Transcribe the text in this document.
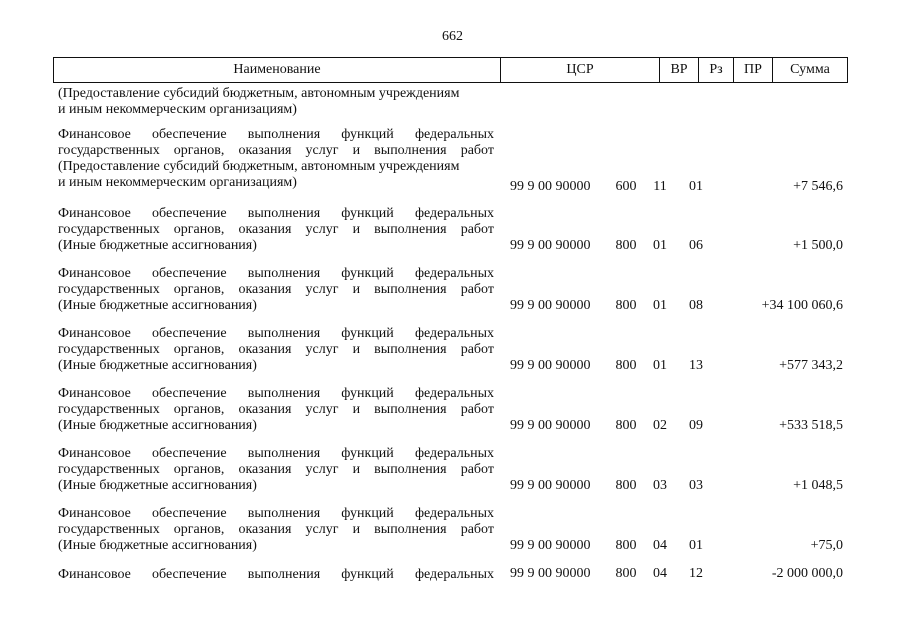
662
Наименование	ЦСР	ВР	Рз	ПР	Сумма
(Предоставление субсидий бюджетным, автономным учреждениям
и иным некоммерческим организациям)
Финансовое обеспечение выполнения функций федеральных
государственных органов, оказания услуг и выполнения работ
(Предоставление субсидий бюджетным, автономным учреждениям
и иным некоммерческим организациям)	99 9 00 90000	600	11	01	+7 546,6
Финансовое обеспечение выполнения функций федеральных
государственных органов, оказания услуг и выполнения работ
(Иные бюджетные ассигнования)	99 9 00 90000	800	01	06	+1 500,0
Финансовое обеспечение выполнения функций федеральных
государственных органов, оказания услуг и выполнения работ
(Иные бюджетные ассигнования)	99 9 00 90000	800	01	08	+34 100 060,6
Финансовое обеспечение выполнения функций федеральных
государственных органов, оказания услуг и выполнения работ
(Иные бюджетные ассигнования)	99 9 00 90000	800	01	13	+577 343,2
Финансовое обеспечение выполнения функций федеральных
государственных органов, оказания услуг и выполнения работ
(Иные бюджетные ассигнования)	99 9 00 90000	800	02	09	+533 518,5
Финансовое обеспечение выполнения функций федеральных
государственных органов, оказания услуг и выполнения работ
(Иные бюджетные ассигнования)	99 9 00 90000	800	03	03	+1 048,5
Финансовое обеспечение выполнения функций федеральных
государственных органов, оказания услуг и выполнения работ
(Иные бюджетные ассигнования)	99 9 00 90000	800	04	01	+75,0
Финансовое обеспечение выполнения функций федеральных 99 9 00 90000	800	04	12	-2 000 000,0
